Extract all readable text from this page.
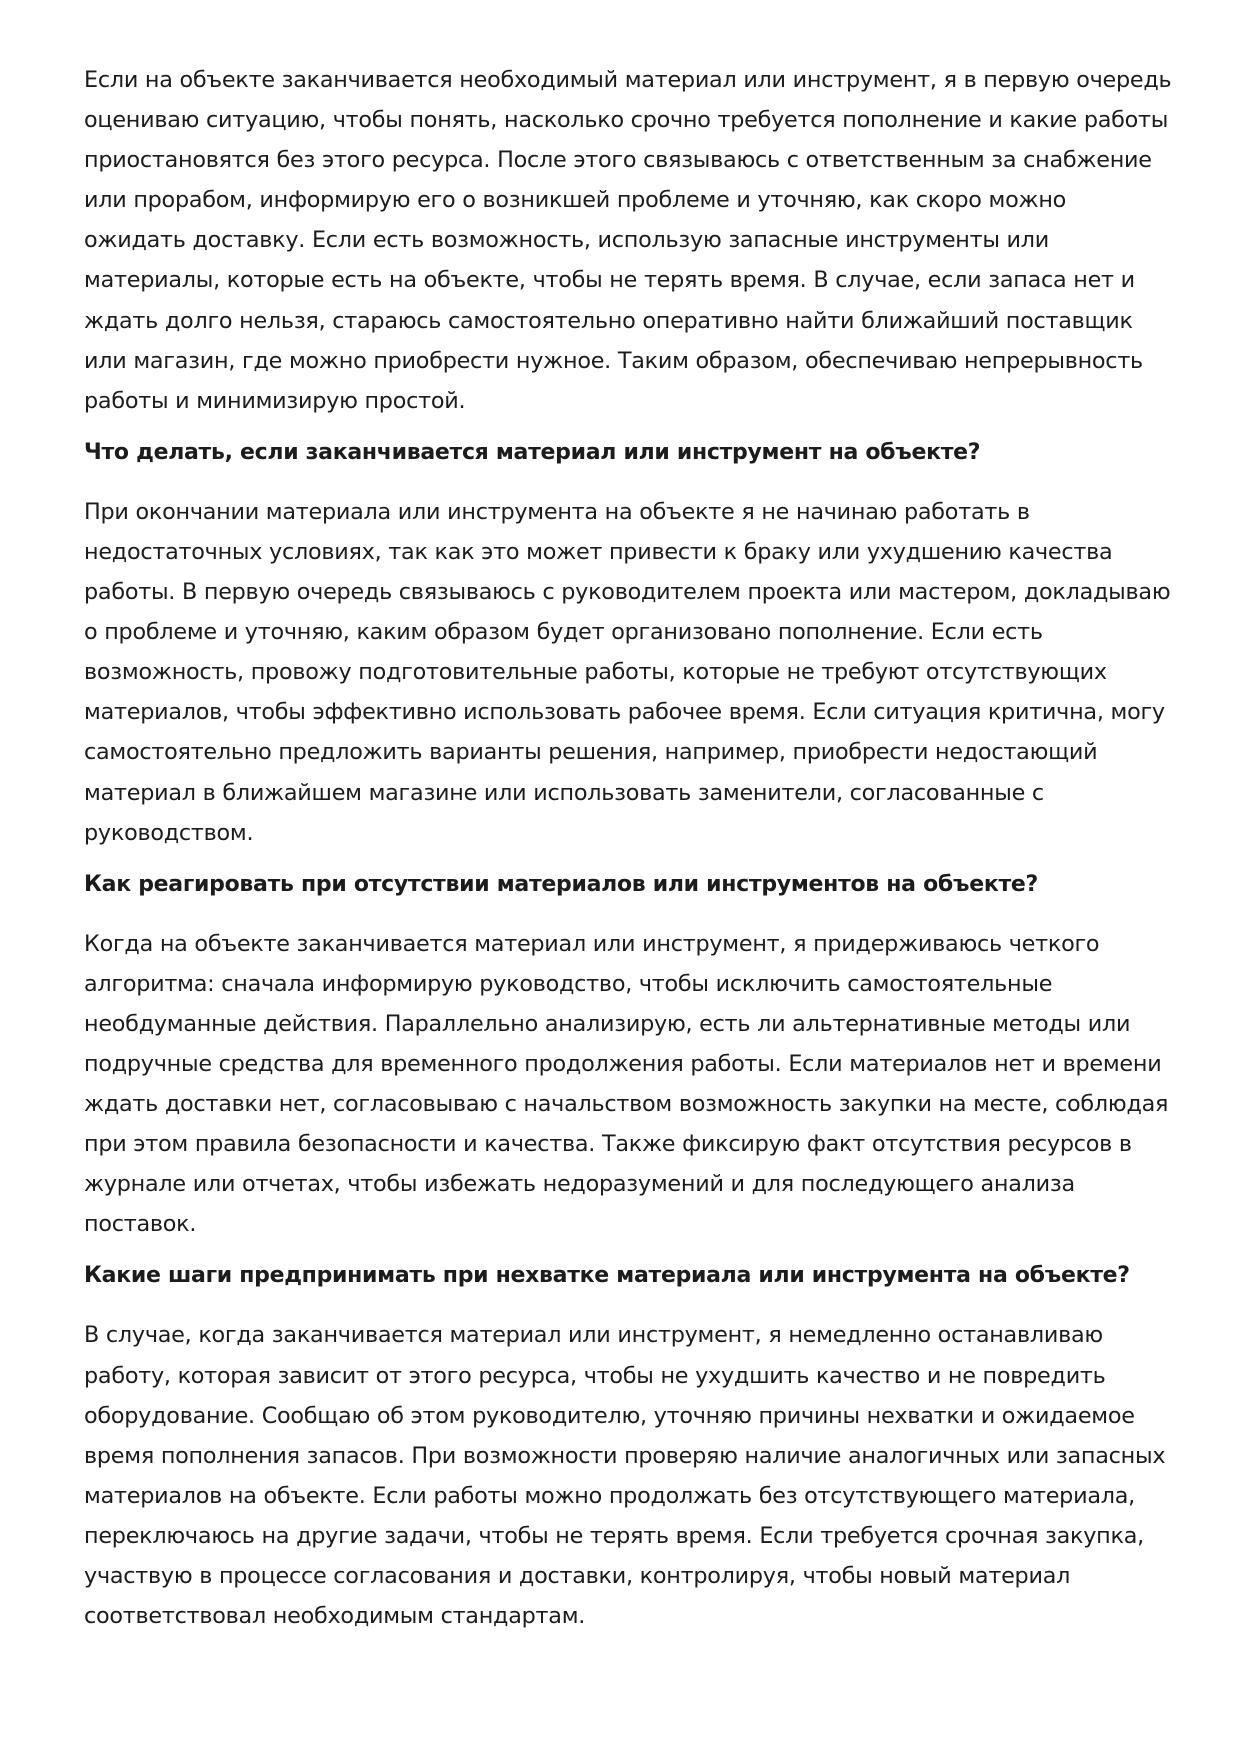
Если на объекте заканчивается необходимый материал или инструмент, я в первую очередь оцениваю ситуацию, чтобы понять, насколько срочно требуется пополнение и какие работы приостановятся без этого ресурса. После этого связываюсь с ответственным за снабжение или прорабом, информирую его о возникшей проблеме и уточняю, как скоро можно ожидать доставку. Если есть возможность, использую запасные инструменты или материалы, которые есть на объекте, чтобы не терять время. В случае, если запаса нет и ждать долго нельзя, стараюсь самостоятельно оперативно найти ближайший поставщик или магазин, где можно приобрести нужное. Таким образом, обеспечиваю непрерывность работы и минимизирую простой.

Что делать, если заканчивается материал или инструмент на объекте?

При окончании материала или инструмента на объекте я не начинаю работать в недостаточных условиях, так как это может привести к браку или ухудшению качества работы. В первую очередь связываюсь с руководителем проекта или мастером, докладываю о проблеме и уточняю, каким образом будет организовано пополнение. Если есть возможность, провожу подготовительные работы, которые не требуют отсутствующих материалов, чтобы эффективно использовать рабочее время. Если ситуация критична, могу самостоятельно предложить варианты решения, например, приобрести недостающий материал в ближайшем магазине или использовать заменители, согласованные с руководством.

Как реагировать при отсутствии материалов или инструментов на объекте?

Когда на объекте заканчивается материал или инструмент, я придерживаюсь четкого алгоритма: сначала информирую руководство, чтобы исключить самостоятельные необдуманные действия. Параллельно анализирую, есть ли альтернативные методы или подручные средства для временного продолжения работы. Если материалов нет и времени ждать доставки нет, согласовываю с начальством возможность закупки на месте, соблюдая при этом правила безопасности и качества. Также фиксирую факт отсутствия ресурсов в журнале или отчетах, чтобы избежать недоразумений и для последующего анализа поставок.

Какие шаги предпринимать при нехватке материала или инструмента на объекте?

В случае, когда заканчивается материал или инструмент, я немедленно останавливаю работу, которая зависит от этого ресурса, чтобы не ухудшить качество и не повредить оборудование. Сообщаю об этом руководителю, уточняю причины нехватки и ожидаемое время пополнения запасов. При возможности проверяю наличие аналогичных или запасных материалов на объекте. Если работы можно продолжать без отсутствующего материала, переключаюсь на другие задачи, чтобы не терять время. Если требуется срочная закупка, участвую в процессе согласования и доставки, контролируя, чтобы новый материал соответствовал необходимым стандартам.
